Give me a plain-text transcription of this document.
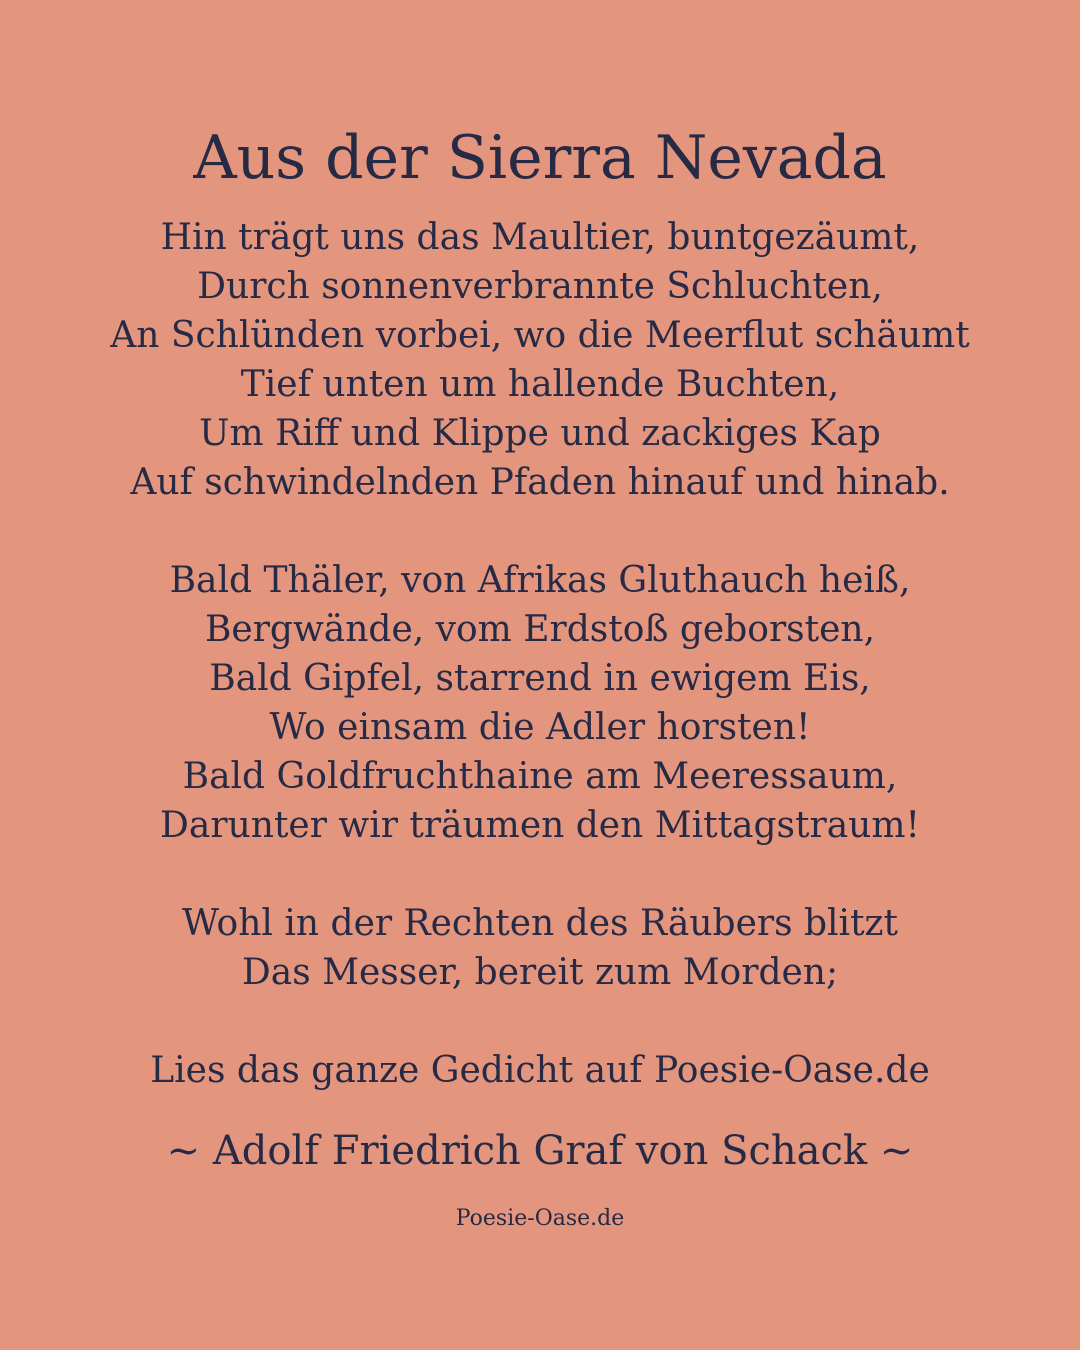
Aus der Sierra Nevada
Hin trägt uns das Maultier, buntgezäumt,
Durch sonnenverbrannte Schluchten,
An Schlünden vorbei, wo die Meerflut schäumt
Tief unten um hallende Buchten,
Um Riff und Klippe und zackiges Kap
Auf schwindelnden Pfaden hinauf und hinab.
Bald Thäler, von Afrikas Gluthauch heiß,
Bergwände, vom Erdstoß geborsten,
Bald Gipfel, starrend in ewigem Eis,
Wo einsam die Adler horsten!
Bald Goldfruchthaine am Meeressaum,
Darunter wir träumen den Mittagstraum!
Wohl in der Rechten des Räubers blitzt
Das Messer, bereit zum Morden;
Lies das ganze Gedicht auf Poesie-Oase.de
~ Adolf Friedrich Graf von Schack ~
Poesie-Oase.de
